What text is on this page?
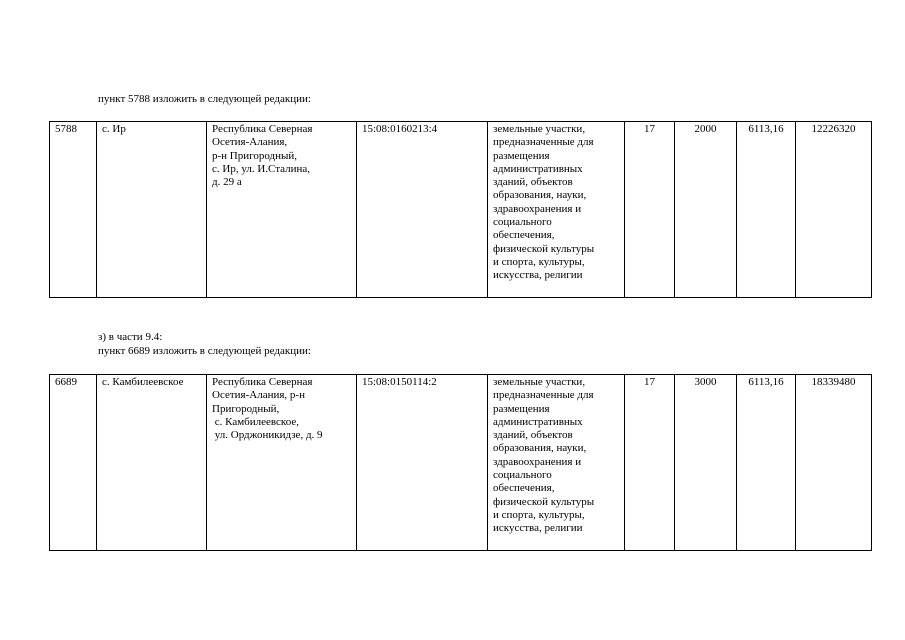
пункт 5788 изложить в следующей редакции:

5788	с. Ир	Республика Северная
Осетия-Алания,
р-н Пригородный,
с. Ир, ул. И.Сталина,
д. 29 а
	15:08:0160213:4	земельные участки,
предназначенные для
размещения
административных
зданий, объектов
образования, науки,
здравоохранения и
социального
обеспечения,
физической культуры
и спорта, культуры,
искусства, религии
	17	2000	6113,16	12226320

з) в части 9.4:

пункт 6689 изложить в следующей редакции:

6689	с. Камбилеевское	Республика Северная
Осетия-Алания, р-н
Пригородный,
с. Камбилеевское,
ул. Орджоникидзе, д. 9
	15:08:0150114:2	земельные участки,
предназначенные для
размещения
административных
зданий, объектов
образования, науки,
здравоохранения и
социального
обеспечения,
физической культуры
и спорта, культуры,
искусства, религии
	17	3000	6113,16	18339480
